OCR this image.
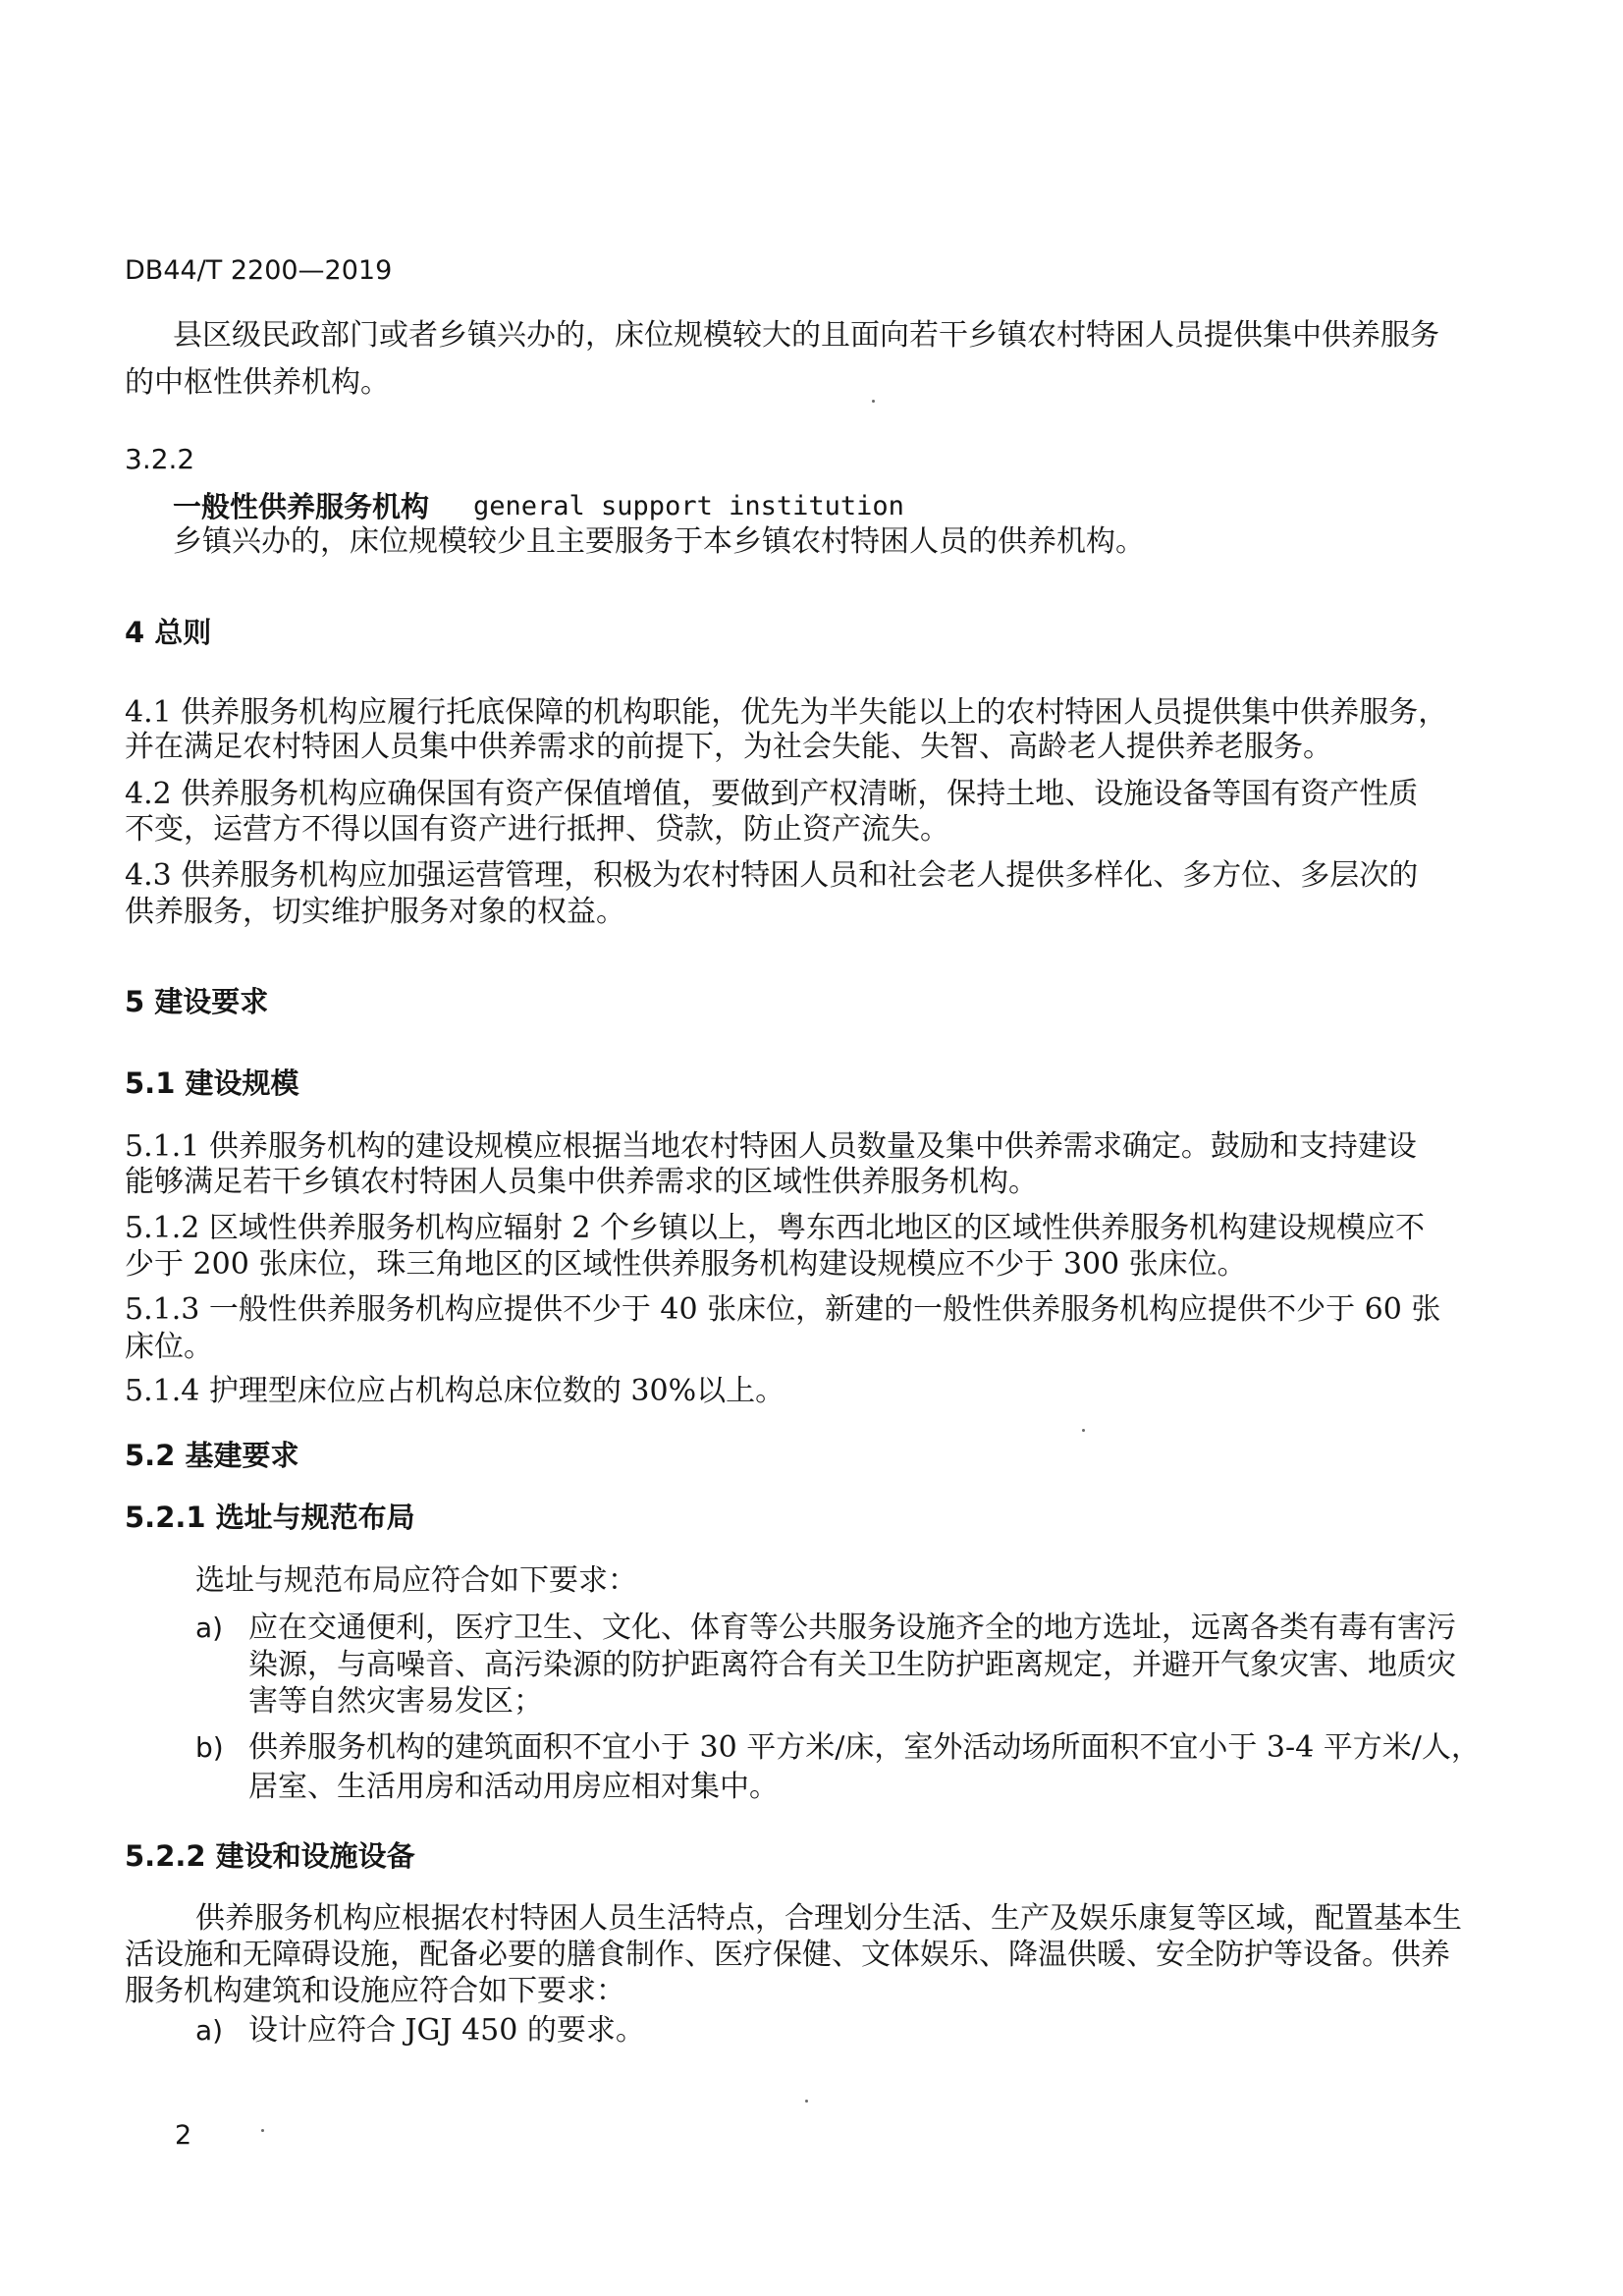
DB44/T 2200—2019
县区级民政部门或者乡镇兴办的，床位规模较大的且面向若干乡镇农村特困人员提供集中供养服务
的中枢性供养机构。
3.2.2
一般性供养服务机构 general support institution
乡镇兴办的，床位规模较少且主要服务于本乡镇农村特困人员的供养机构。
4 总则
4.1 供养服务机构应履行托底保障的机构职能，优先为半失能以上的农村特困人员提供集中供养服务，
并在满足农村特困人员集中供养需求的前提下，为社会失能、失智、高龄老人提供养老服务。
4.2 供养服务机构应确保国有资产保值增值，要做到产权清晰，保持土地、设施设备等国有资产性质
不变，运营方不得以国有资产进行抵押、贷款，防止资产流失。
4.3 供养服务机构应加强运营管理，积极为农村特困人员和社会老人提供多样化、多方位、多层次的
供养服务，切实维护服务对象的权益。
5 建设要求
5.1 建设规模
5.1.1 供养服务机构的建设规模应根据当地农村特困人员数量及集中供养需求确定。鼓励和支持建设
能够满足若干乡镇农村特困人员集中供养需求的区域性供养服务机构。
5.1.2 区域性供养服务机构应辐射 2 个乡镇以上，粤东西北地区的区域性供养服务机构建设规模应不
少于 200 张床位，珠三角地区的区域性供养服务机构建设规模应不少于 300 张床位。
5.1.3 一般性供养服务机构应提供不少于 40 张床位，新建的一般性供养服务机构应提供不少于 60 张
床位。
5.1.4 护理型床位应占机构总床位数的 30%以上。
5.2 基建要求
5.2.1 选址与规范布局
选址与规范布局应符合如下要求：
a) 应在交通便利，医疗卫生、文化、体育等公共服务设施齐全的地方选址，远离各类有毒有害污
染源，与高噪音、高污染源的防护距离符合有关卫生防护距离规定，并避开气象灾害、地质灾
害等自然灾害易发区；
b) 供养服务机构的建筑面积不宜小于 30 平方米/床，室外活动场所面积不宜小于 3-4 平方米/人，
居室、生活用房和活动用房应相对集中。
5.2.2 建设和设施设备
供养服务机构应根据农村特困人员生活特点，合理划分生活、生产及娱乐康复等区域，配置基本生
活设施和无障碍设施，配备必要的膳食制作、医疗保健、文体娱乐、降温供暖、安全防护等设备。供养
服务机构建筑和设施应符合如下要求：
a) 设计应符合 JGJ 450 的要求。
2
